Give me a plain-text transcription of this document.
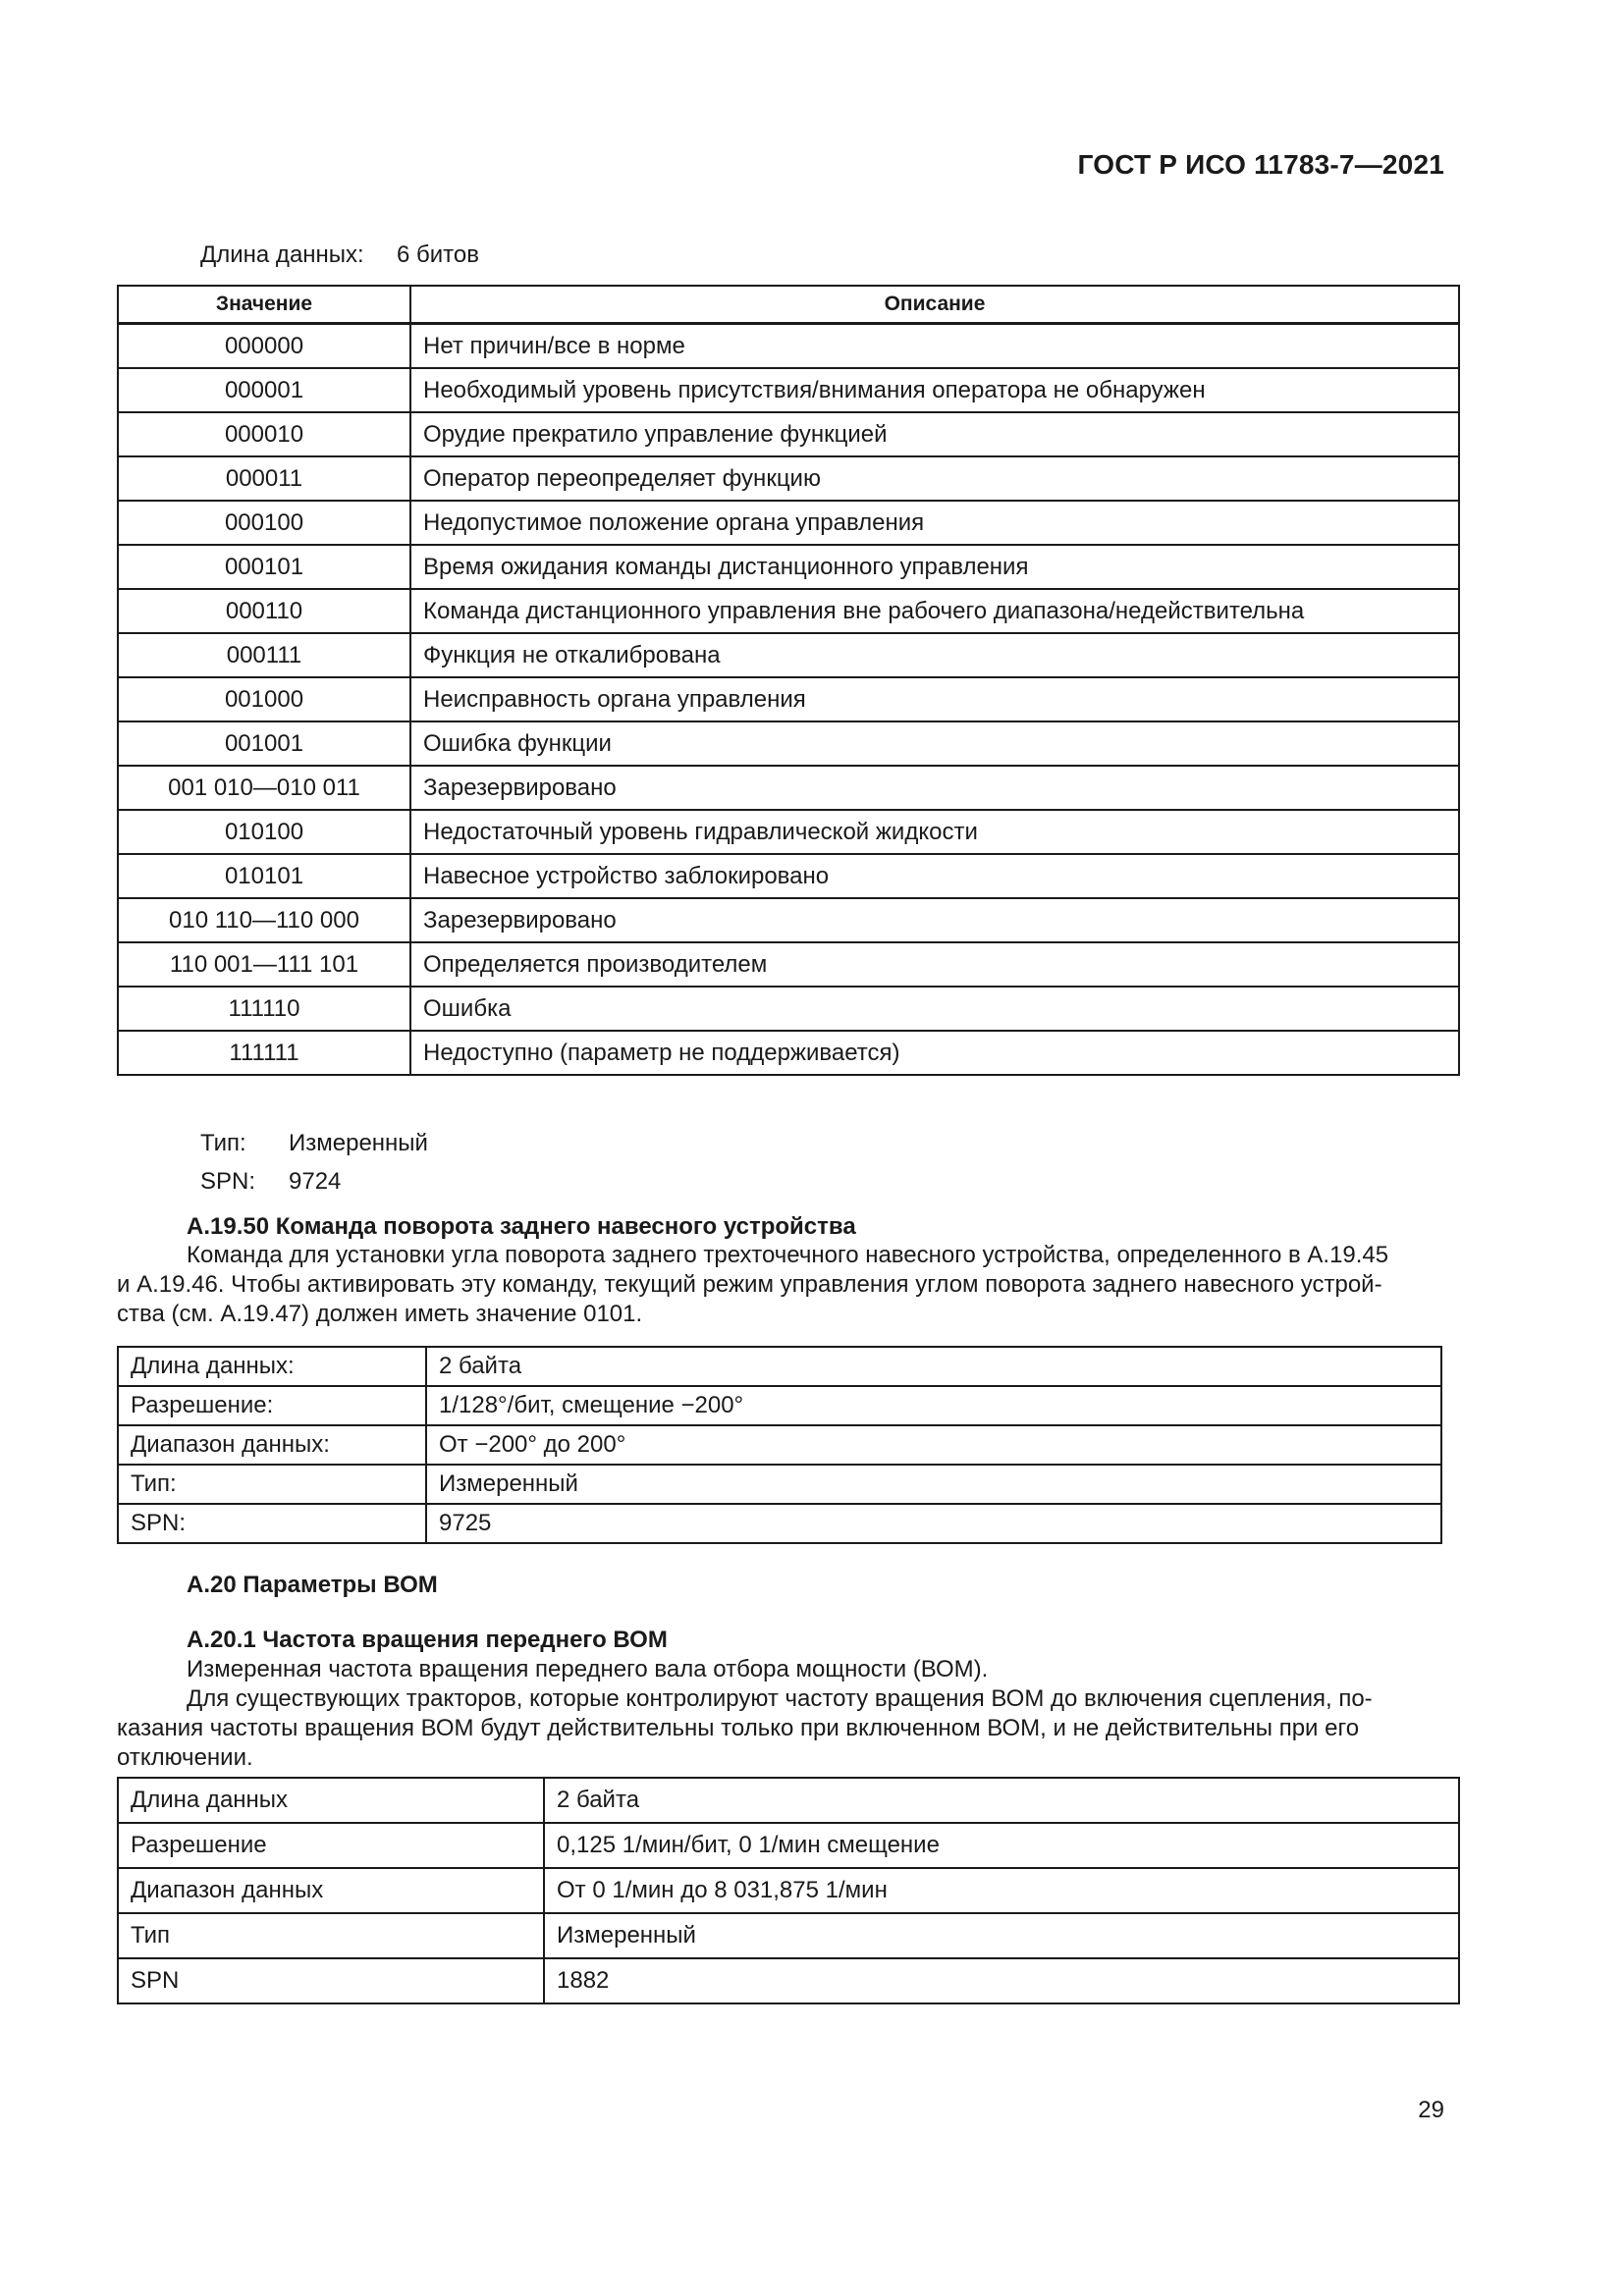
ГОСТ Р ИСО 11783-7—2021
Длина данных:	6 битов
Значение	Описание
000000	Нет причин/все в норме
000001	Необходимый уровень присутствия/внимания оператора не обнаружен
000010	Орудие прекратило управление функцией
000011	Оператор переопределяет функцию
000100	Недопустимое положение органа управления
000101	Время ожидания команды дистанционного управления
000110	Команда дистанционного управления вне рабочего диапазона/недействительна
000111	Функция не откалибрована
001000	Неисправность органа управления
001001	Ошибка функции
001 010—010 011	Зарезервировано
010100	Недостаточный уровень гидравлической жидкости
010101	Навесное устройство заблокировано
010 110—110 000	Зарезервировано
110 001—111 101	Определяется производителем
111110	Ошибка
111111	Недоступно (параметр не поддерживается)
Тип:	Измеренный
SPN:	9724
А.19.50 Команда поворота заднего навесного устройства
Команда для установки угла поворота заднего трехточечного навесного устройства, определенного в А.19.45
и А.19.46. Чтобы активировать эту команду, текущий режим управления углом поворота заднего навесного устрой-
ства (см. А.19.47) должен иметь значение 0101.
Длина данных:	2 байта
Разрешение:	1/128°/бит, смещение −200°
Диапазон данных:	От −200° до 200°
Тип:	Измеренный
SPN:	9725
А.20 Параметры ВОМ
А.20.1 Частота вращения переднего ВОМ
Измеренная частота вращения переднего вала отбора мощности (ВОМ).
Для существующих тракторов, которые контролируют частоту вращения ВОМ до включения сцепления, по-
казания частоты вращения ВОМ будут действительны только при включенном ВОМ, и не действительны при его
отключении.
Длина данных	2 байта
Разрешение	0,125 1/мин/бит, 0 1/мин смещение
Диапазон данных	От 0 1/мин до 8 031,875 1/мин
Тип	Измеренный
SPN	1882
29
